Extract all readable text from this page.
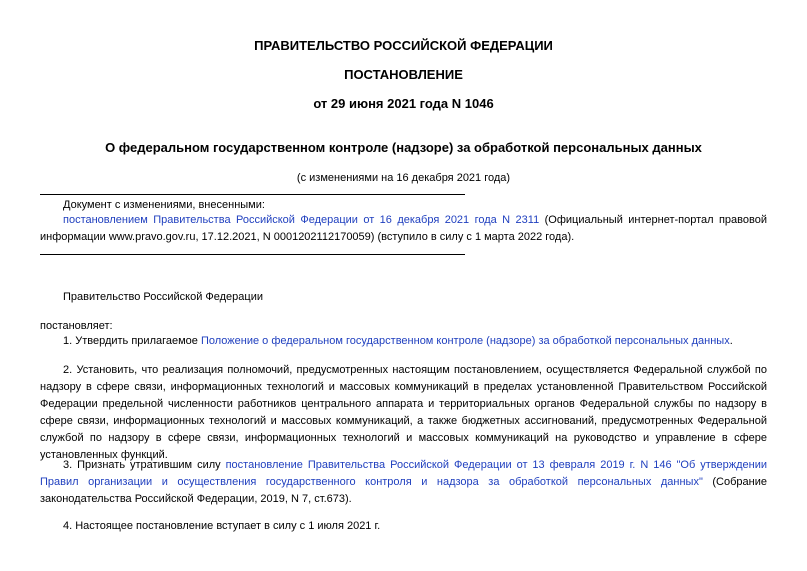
ПРАВИТЕЛЬСТВО РОССИЙСКОЙ ФЕДЕРАЦИИ

ПОСТАНОВЛЕНИЕ

от 29 июня 2021 года N 1046

О федеральном государственном контроле (надзоре) за обработкой персональных данных

(с изменениями на 16 декабря 2021 года)

Документ с изменениями, внесенными:

постановлением Правительства Российской Федерации от 16 декабря 2021 года N 2311 (Официальный интернет-портал правовой информации www.pravo.gov.ru, 17.12.2021, N 0001202112170059) (вступило в силу с 1 марта 2022 года).

Правительство Российской Федерации

постановляет:

1. Утвердить прилагаемое Положение о федеральном государственном контроле (надзоре) за обработкой персональных данных.

2. Установить, что реализация полномочий, предусмотренных настоящим постановлением, осуществляется Федеральной службой по надзору в сфере связи, информационных технологий и массовых коммуникаций в пределах установленной Правительством Российской Федерации предельной численности работников центрального аппарата и территориальных органов Федеральной службы по надзору в сфере связи, информационных технологий и массовых коммуникаций, а также бюджетных ассигнований, предусмотренных Федеральной службой по надзору в сфере связи, информационных технологий и массовых коммуникаций на руководство и управление в сфере установленных функций.

3. Признать утратившим силу постановление Правительства Российской Федерации от 13 февраля 2019 г. N 146 "Об утверждении Правил организации и осуществления государственного контроля и надзора за обработкой персональных данных" (Собрание законодательства Российской Федерации, 2019, N 7, ст.673).

4. Настоящее постановление вступает в силу с 1 июля 2021 г.
